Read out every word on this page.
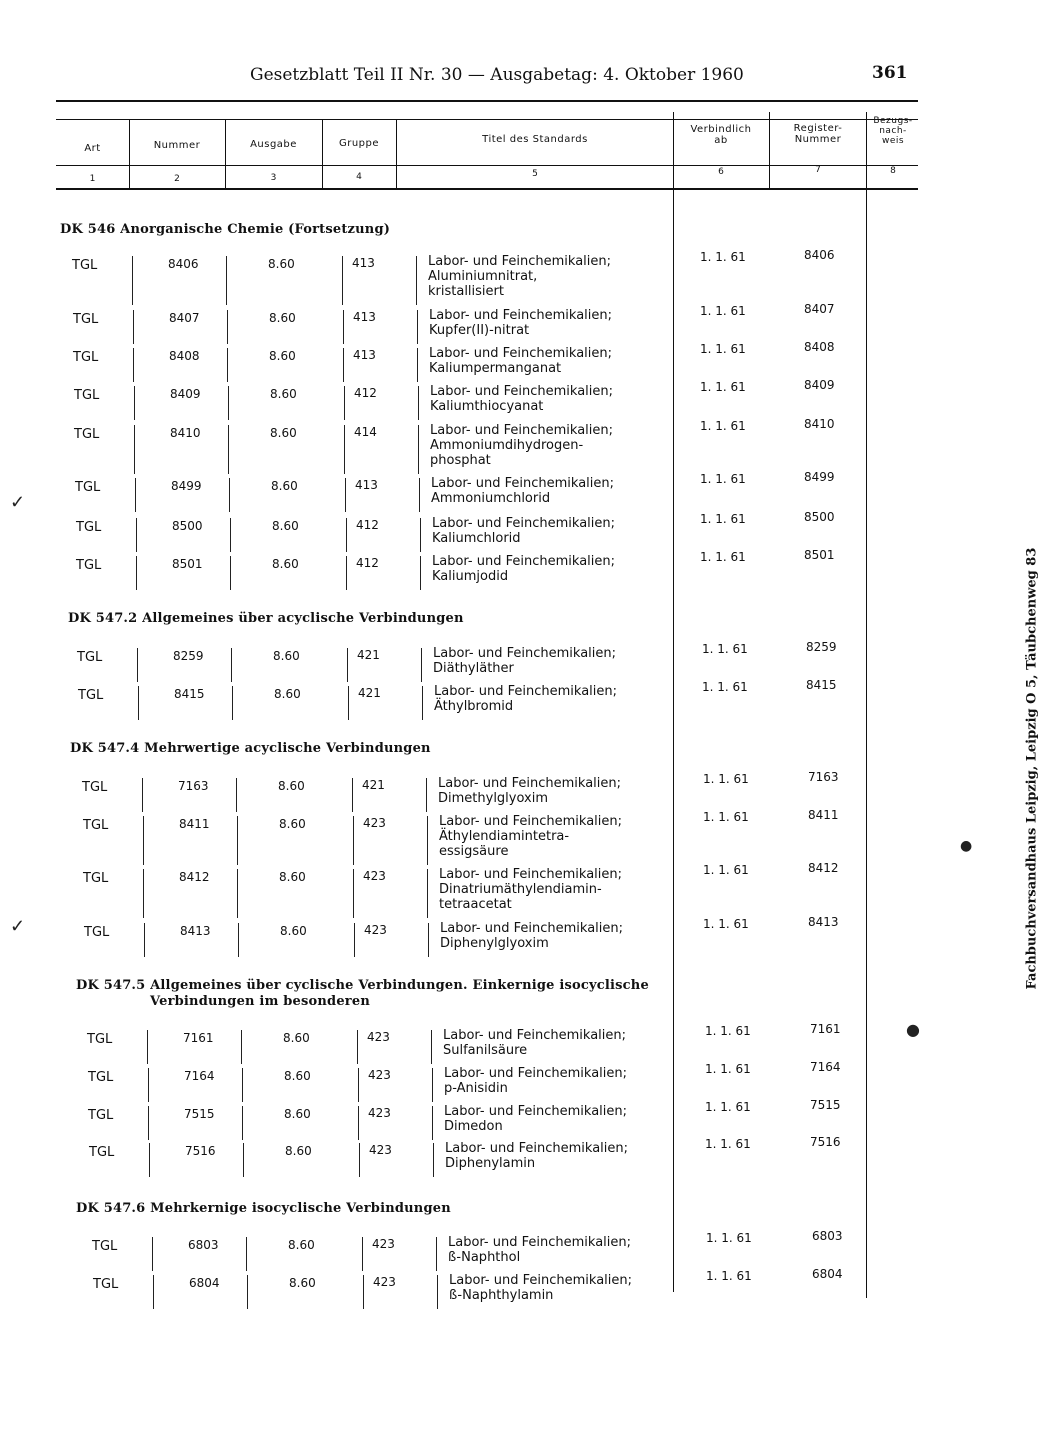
Gesetzblatt Teil II Nr. 30 — Ausgabetag: 4. Oktober 1960	361
Art	Nummer	Ausgabe	Gruppe	Titel des Standards
Verbindlich
ab
Register-
Nummer
Bezugs-
nach-
weis
1	2	3	4	5	6	7	8
DK 546 Anorganische Chemie (Fortsetzung)
TGL	8406	8.60	413	Labor- und Feinchemikalien;
Aluminiumnitrat,
kristallisiert
1. 1. 61	8406
TGL	8407	8.60	413	Labor- und Feinchemikalien;
Kupfer(II)-nitrat
1. 1. 61	8407
TGL	8408	8.60	413	Labor- und Feinchemikalien;
Kaliumpermanganat
1. 1. 61	8408
TGL	8409	8.60	412	Labor- und Feinchemikalien;
Kaliumthiocyanat
1. 1. 61	8409
TGL	8410	8.60	414	Labor- und Feinchemikalien;
Ammoniumdihydrogen-
phosphat
1. 1. 61	8410
TGL	8499	8.60	413	Labor- und Feinchemikalien;
Ammoniumchlorid
1. 1. 61	8499
TGL	8500	8.60	412	Labor- und Feinchemikalien;
Kaliumchlorid
1. 1. 61	8500
TGL	8501	8.60	412	Labor- und Feinchemikalien;
Kaliumjodid
1. 1. 61	8501
DK 547.2 Allgemeines über acyclische Verbindungen
TGL	8259	8.60	421	Labor- und Feinchemikalien;
Diäthyläther
1. 1. 61	8259
TGL	8415	8.60	421	Labor- und Feinchemikalien;
Äthylbromid
1. 1. 61	8415
DK 547.4 Mehrwertige acyclische Verbindungen
TGL	7163	8.60	421	Labor- und Feinchemikalien;
Dimethylglyoxim
1. 1. 61	7163
TGL	8411	8.60	423	Labor- und Feinchemikalien;
Äthylendiamintetra-
essigsäure
1. 1. 61	8411
TGL	8412	8.60	423	Labor- und Feinchemikalien;
Dinatriumäthylendiamin-
tetraacetat
1. 1. 61	8412
TGL	8413	8.60	423	Labor- und Feinchemikalien;
Diphenylglyoxim
1. 1. 61	8413
DK 547.5 Allgemeines über cyclische Verbindungen. Einkernige isocyclische
Verbindungen im besonderen
TGL	7161	8.60	423	Labor- und Feinchemikalien;
Sulfanilsäure
1. 1. 61	7161
TGL	7164	8.60	423	Labor- und Feinchemikalien;
p-Anisidin
1. 1. 61	7164
TGL	7515	8.60	423	Labor- und Feinchemikalien;
Dimedon
1. 1. 61	7515
TGL	7516	8.60	423	Labor- und Feinchemikalien;
Diphenylamin
1. 1. 61	7516
DK 547.6 Mehrkernige isocyclische Verbindungen
TGL	6803	8.60	423	Labor- und Feinchemikalien;
ß-Naphthol
1. 1. 61	6803
TGL	6804	8.60	423	Labor- und Feinchemikalien;
ß-Naphthylamin
1. 1. 61	6804
Fachbuchversandhaus Leipzig, Leipzig O 5, Täubchenweg 83
✓
✓
●
●
